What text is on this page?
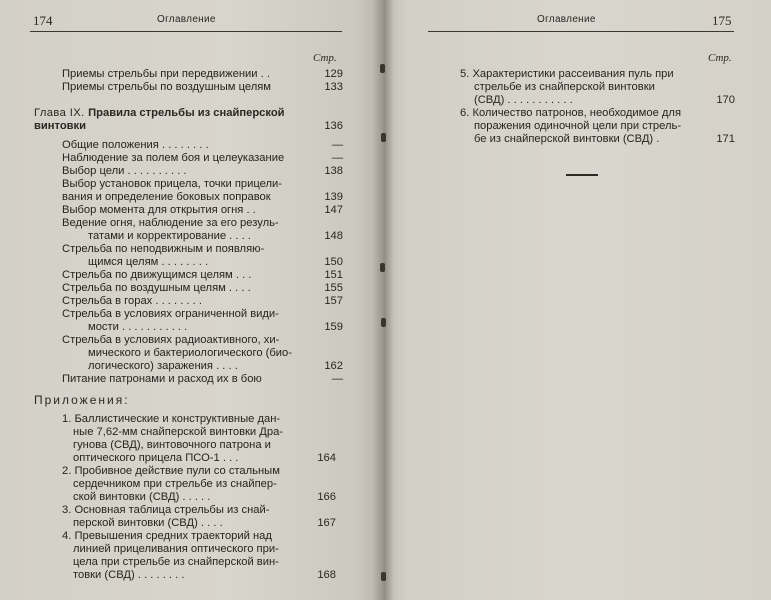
174	Оглавление
Стр.
Приемы стрельбы при передвижении . .	129
Приемы стрельбы по воздушным целям	133
Глава IX. Правила стрельбы из снайперской
винтовки	136
Общие положения . . . . . . . .	—
Наблюдение за полем боя и целеуказание	—
Выбор цели . . . . . . . . . .	138
Выбор установок прицела, точки прицели-
вания и определение боковых поправок	139
Выбор момента для открытия огня . .	147
Ведение огня, наблюдение за его резуль-
татами и корректирование . . . .	148
Стрельба по неподвижным и появляю-
щимся целям . . . . . . . .	150
Стрельба по движущимся целям . . .	151
Стрельба по воздушным целям . . . .	155
Стрельба в горах . . . . . . . .	157
Стрельба в условиях ограниченной види-
мости . . . . . . . . . . .	159
Стрельба в условиях радиоактивного, хи-
мического и бактериологического (био-
логического) заражения . . . .	162
Питание патронами и расход их в бою	—
Приложения:
1. Баллистические и конструктивные дан-
ные 7,62-мм снайперской винтовки Дра-
гунова (СВД), винтовочного патрона и
оптического прицела ПСО-1 . . .	164
2. Пробивное действие пули со стальным
сердечником при стрельбе из снайпер-
ской винтовки (СВД) . . . . .	166
3. Основная таблица стрельбы из снай-
перской винтовки (СВД) . . . .	167
4. Превышения средних траекторий над
линией прицеливания оптического при-
цела при стрельбе из снайперской вин-
товки (СВД) . . . . . . . .	168
Оглавление	175
Стр.
5. Характеристики рассеивания пуль при
стрельбе из снайперской винтовки
(СВД) . . . . . . . . . . .	170
6. Количество патронов, необходимое для
поражения одиночной цели при стрель-
бе из снайперской винтовки (СВД) .	171
